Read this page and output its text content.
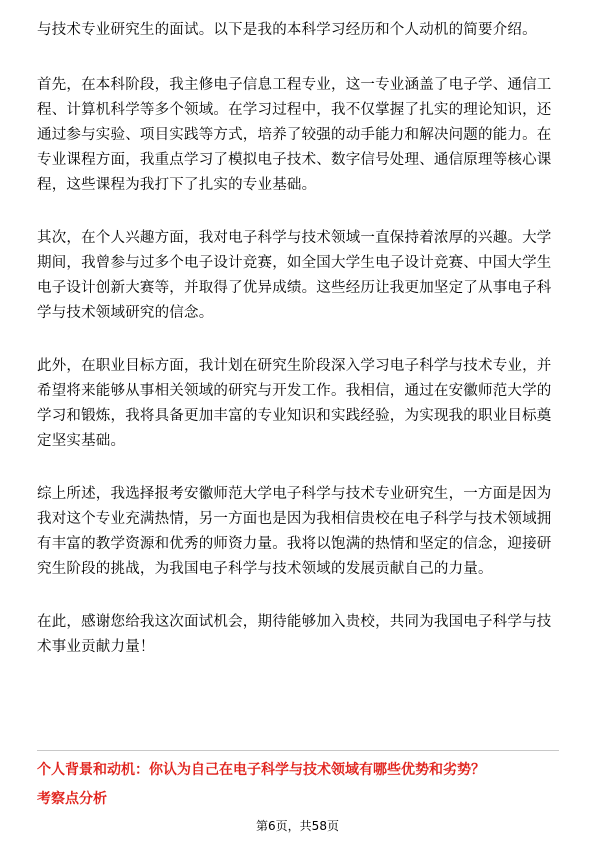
与技术专业研究生的面试。以下是我的本科学习经历和个人动机的简要介绍。

首先，在本科阶段，我主修电子信息工程专业，这一专业涵盖了电子学、通信工程、计算机科学等多个领域。在学习过程中，我不仅掌握了扎实的理论知识，还通过参与实验、项目实践等方式，培养了较强的动手能力和解决问题的能力。在专业课程方面，我重点学习了模拟电子技术、数字信号处理、通信原理等核心课程，这些课程为我打下了扎实的专业基础。

其次，在个人兴趣方面，我对电子科学与技术领域一直保持着浓厚的兴趣。大学期间，我曾参与过多个电子设计竞赛，如全国大学生电子设计竞赛、中国大学生电子设计创新大赛等，并取得了优异成绩。这些经历让我更加坚定了从事电子科学与技术领域研究的信念。

此外，在职业目标方面，我计划在研究生阶段深入学习电子科学与技术专业，并希望将来能够从事相关领域的研究与开发工作。我相信，通过在安徽师范大学的学习和锻炼，我将具备更加丰富的专业知识和实践经验，为实现我的职业目标奠定坚实基础。

综上所述，我选择报考安徽师范大学电子科学与技术专业研究生，一方面是因为我对这个专业充满热情，另一方面也是因为我相信贵校在电子科学与技术领域拥有丰富的教学资源和优秀的师资力量。我将以饱满的热情和坚定的信念，迎接研究生阶段的挑战，为我国电子科学与技术领域的发展贡献自己的力量。

在此，感谢您给我这次面试机会，期待能够加入贵校，共同为我国电子科学与技术事业贡献力量！

个人背景和动机：你认为自己在电子科学与技术领域有哪些优势和劣势？
考察点分析
第6页，共58页
